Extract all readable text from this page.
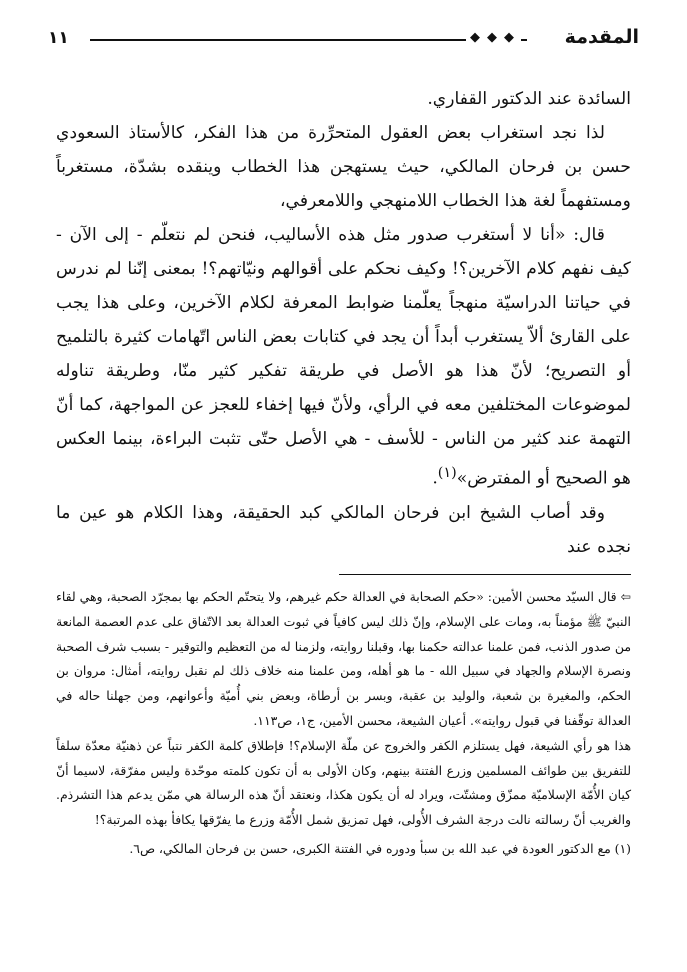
١١	◆◆◆ المقدمة

السائدة عند الدكتور القفاري.

لذا نجد استغراب بعض العقول المتحرِّرة من هذا الفكر، كالأستاذ السعودي حسن بن فرحان المالكي، حيث يستهجن هذا الخطاب وينقده بشدّة، مستغرباً ومستفهماً لغة هذا الخطاب اللامنهجي واللامعرفي،

قال: «أنا لا أستغرب صدور مثل هذه الأساليب، فنحن لم نتعلّم - إلى الآن - كيف نفهم كلام الآخرين؟! وكيف نحكم على أقوالهم ونيّاتهم؟! بمعنى إنّنا لم ندرس في حياتنا الدراسيّة منهجاً يعلّمنا ضوابط المعرفة لكلام الآخرين، وعلى هذا يجب على القارئ ألاّ يستغرب أبداً أن يجد في كتابات بعض الناس اتّهامات كثيرة بالتلميح أو التصريح؛ لأنّ هذا هو الأصل في طريقة تفكير كثير منّا، وطريقة تناوله لموضوعات المختلفين معه في الرأي، ولأنّ فيها إخفاء للعجز عن المواجهة، كما أنّ التهمة عند كثير من الناس - للأسف - هي الأصل حتّى تثبت البراءة، بينما العكس هو الصحيح أو المفترض»$^{(١)}$.

وقد أصاب الشيخ ابن فرحان المالكي كبد الحقيقة، وهذا الكلام هو عين ما نجده عند

⇦ قال السيّد محسن الأمين: «حكم الصحابة في العدالة حكم غيرهم، ولا يتحتّم الحكم بها بمجرّد الصحبة، وهي لقاء النبيّ ﷺ مؤمناً به، ومات على الإسلام، وإنّ ذلك ليس كافياً في ثبوت العدالة بعد الاتّفاق على عدم العصمة المانعة من صدور الذنب، فمن علمنا عدالته حكمنا بها، وقبلنا روايته، ولزمنا له من التعظيم والتوقير - بسبب شرف الصحبة ونصرة الإسلام والجهاد في سبيل الله - ما هو أهله، ومن علمنا منه خلاف ذلك لم نقبل روايته، أمثال: مروان بن الحكم، والمغيرة بن شعبة، والوليد بن عقبة، وبسر بن أرطاة، وبعض بني أُميّة وأعوانهم، ومن جهلنا حاله في العدالة توقّفنا في قبول روايته». أعيان الشيعة، محسن الأمين، ج١، ص١١٣.

هذا هو رأي الشيعة، فهل يستلزم الكفر والخروج عن ملّة الإسلام؟! فإطلاق كلمة الكفر نتباً عن ذهنيّة معدّة سلفاً للتفريق بين طوائف المسلمين وزرع الفتنة بينهم، وكان الأولى به أن تكون كلمته موحّدة وليس مفرّقة، لاسيما أنّ كيان الأُمّة الإسلاميّة ممزّق ومشتّت، ويراد له أن يكون هكذا، ونعتقد أنّ هذه الرسالة هي ممّن يدعم هذا التشرذم. والغريب أنّ رسالته نالت درجة الشرف الأُولى، فهل تمزيق شمل الأُمّة وزرع ما يفرّقها يكافأ بهذه المرتبة؟!

(١) مع الدكتور العودة في عبد الله بن سبأ ودوره في الفتنة الكبرى، حسن بن فرحان المالكي، ص٦.
